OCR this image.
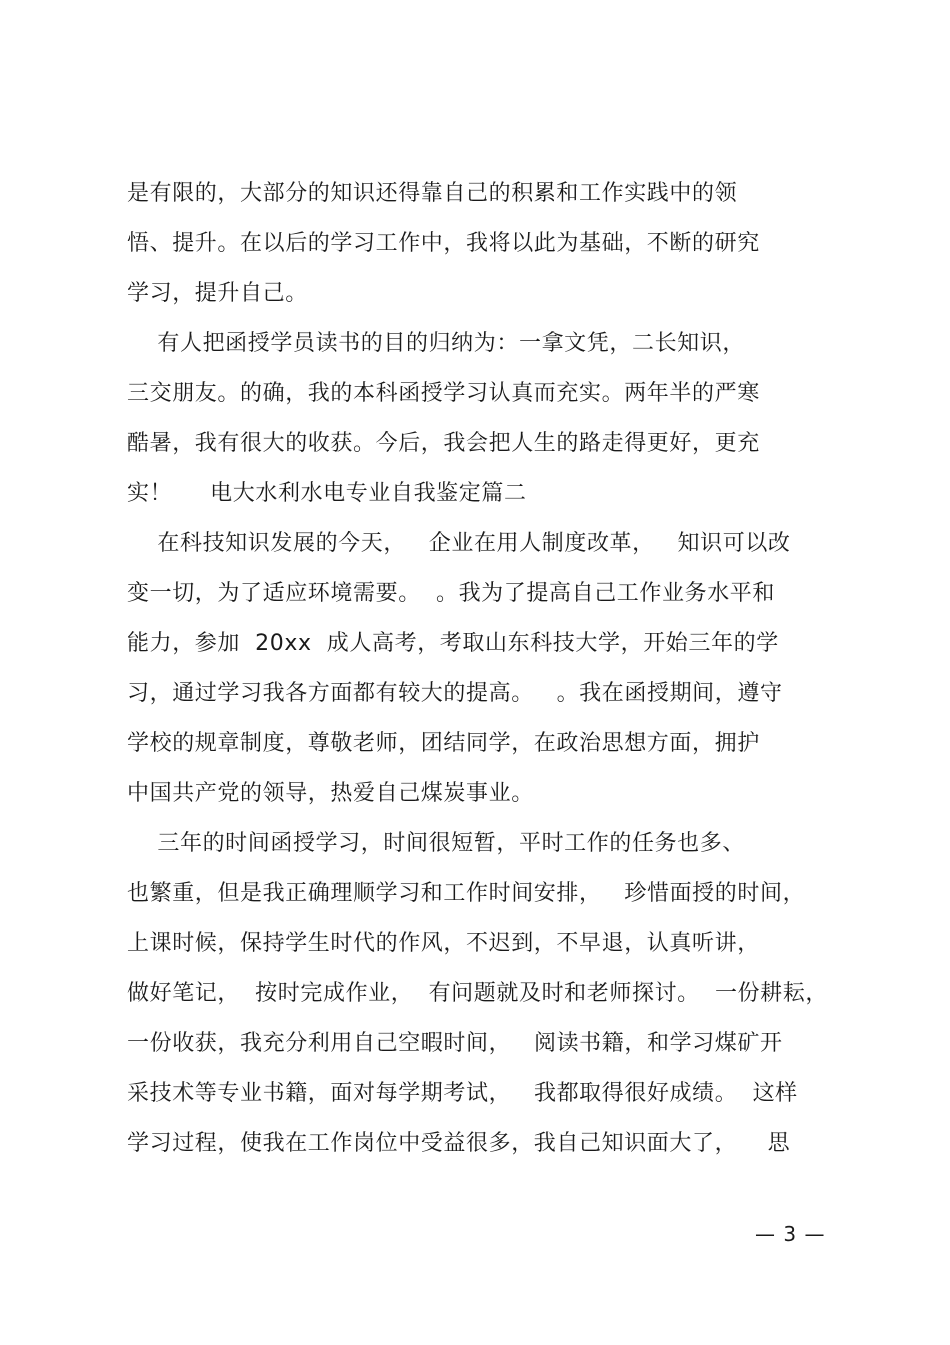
是有限的，大部分的知识还得靠自己的积累和工作实践中的领
悟、提升。在以后的学习工作中，我将以此为基础，不断的研究
学习，提升自己。
有人把函授学员读书的目的归纳为：一拿文凭，二长知识，
三交朋友。的确，我的本科函授学习认真而充实。两年半的严寒
酷暑，我有很大的收获。今后，我会把人生的路走得更好，更充
实！     电大水利水电专业自我鉴定篇二
在科技知识发展的今天，   企业在用人制度改革，   知识可以改
变一切，为了适应环境需要。  。我为了提高自己工作业务水平和
能力，参加  20xx  成人高考，考取山东科技大学，开始三年的学
习，通过学习我各方面都有较大的提高。   。我在函授期间，遵守
学校的规章制度，尊敬老师，团结同学，在政治思想方面，拥护
中国共产党的领导，热爱自己煤炭事业。
三年的时间函授学习，时间很短暂，平时工作的任务也多、
也繁重，但是我正确理顺学习和工作时间安排，   珍惜面授的时间，
上课时候，保持学生时代的作风，不迟到，不早退，认真听讲，
做好笔记，  按时完成作业，  有问题就及时和老师探讨。  一份耕耘，
一份收获，我充分利用自己空暇时间，   阅读书籍，和学习煤矿开
采技术等专业书籍，面对每学期考试，   我都取得很好成绩。  这样
学习过程，使我在工作岗位中受益很多，我自己知识面大了，    思
— 3 —
